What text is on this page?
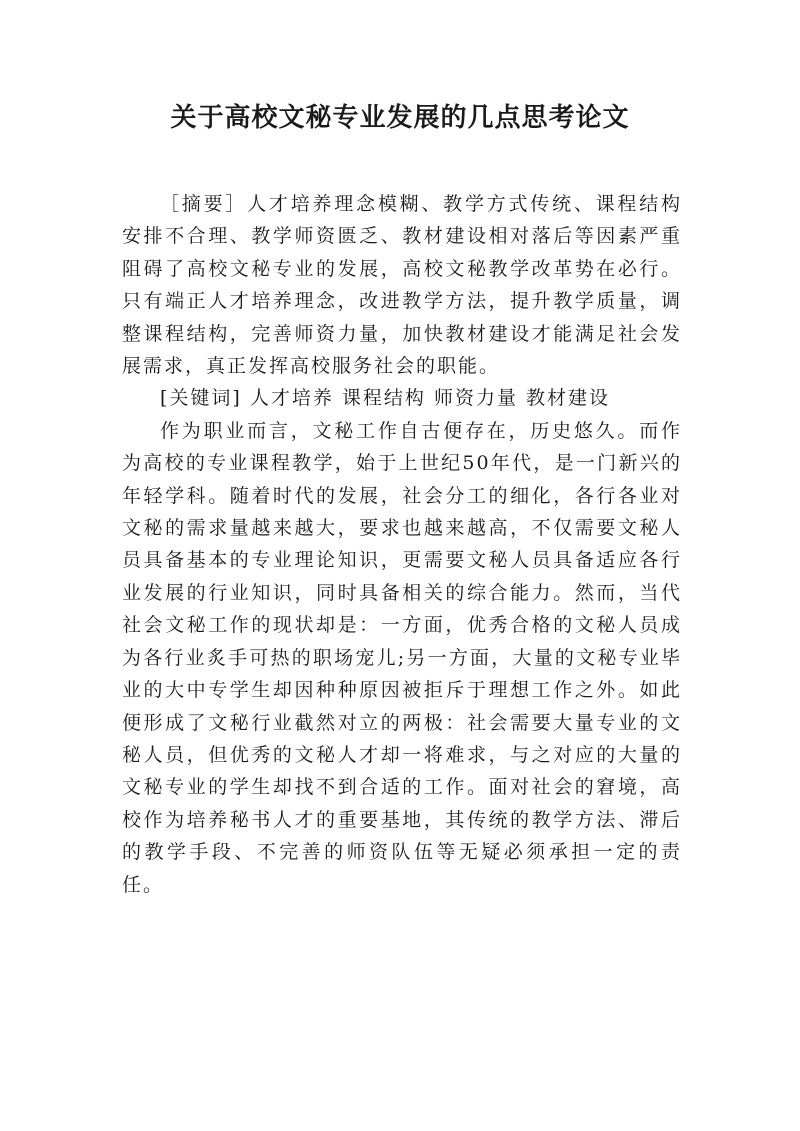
关于高校文秘专业发展的几点思考论文

［摘要］人才培养理念模糊、教学方式传统、课程结构安排不合理、教学师资匮乏、教材建设相对落后等因素严重阻碍了高校文秘专业的发展，高校文秘教学改革势在必行。只有端正人才培养理念，改进教学方法，提升教学质量，调整课程结构，完善师资力量，加快教材建设才能满足社会发展需求，真正发挥高校服务社会的职能。

[关键词] 人才培养 课程结构 师资力量 教材建设

作为职业而言，文秘工作自古便存在，历史悠久。而作为高校的专业课程教学，始于上世纪50年代，是一门新兴的年轻学科。随着时代的发展，社会分工的细化，各行各业对文秘的需求量越来越大，要求也越来越高，不仅需要文秘人员具备基本的专业理论知识，更需要文秘人员具备适应各行业发展的行业知识，同时具备相关的综合能力。然而，当代社会文秘工作的现状却是：一方面，优秀合格的文秘人员成为各行业炙手可热的职场宠儿;另一方面，大量的文秘专业毕业的大中专学生却因种种原因被拒斥于理想工作之外。如此便形成了文秘行业截然对立的两极：社会需要大量专业的文秘人员，但优秀的文秘人才却一将难求，与之对应的大量的文秘专业的学生却找不到合适的工作。面对社会的窘境，高校作为培养秘书人才的重要基地，其传统的教学方法、滞后的教学手段、不完善的师资队伍等无疑必须承担一定的责任。
